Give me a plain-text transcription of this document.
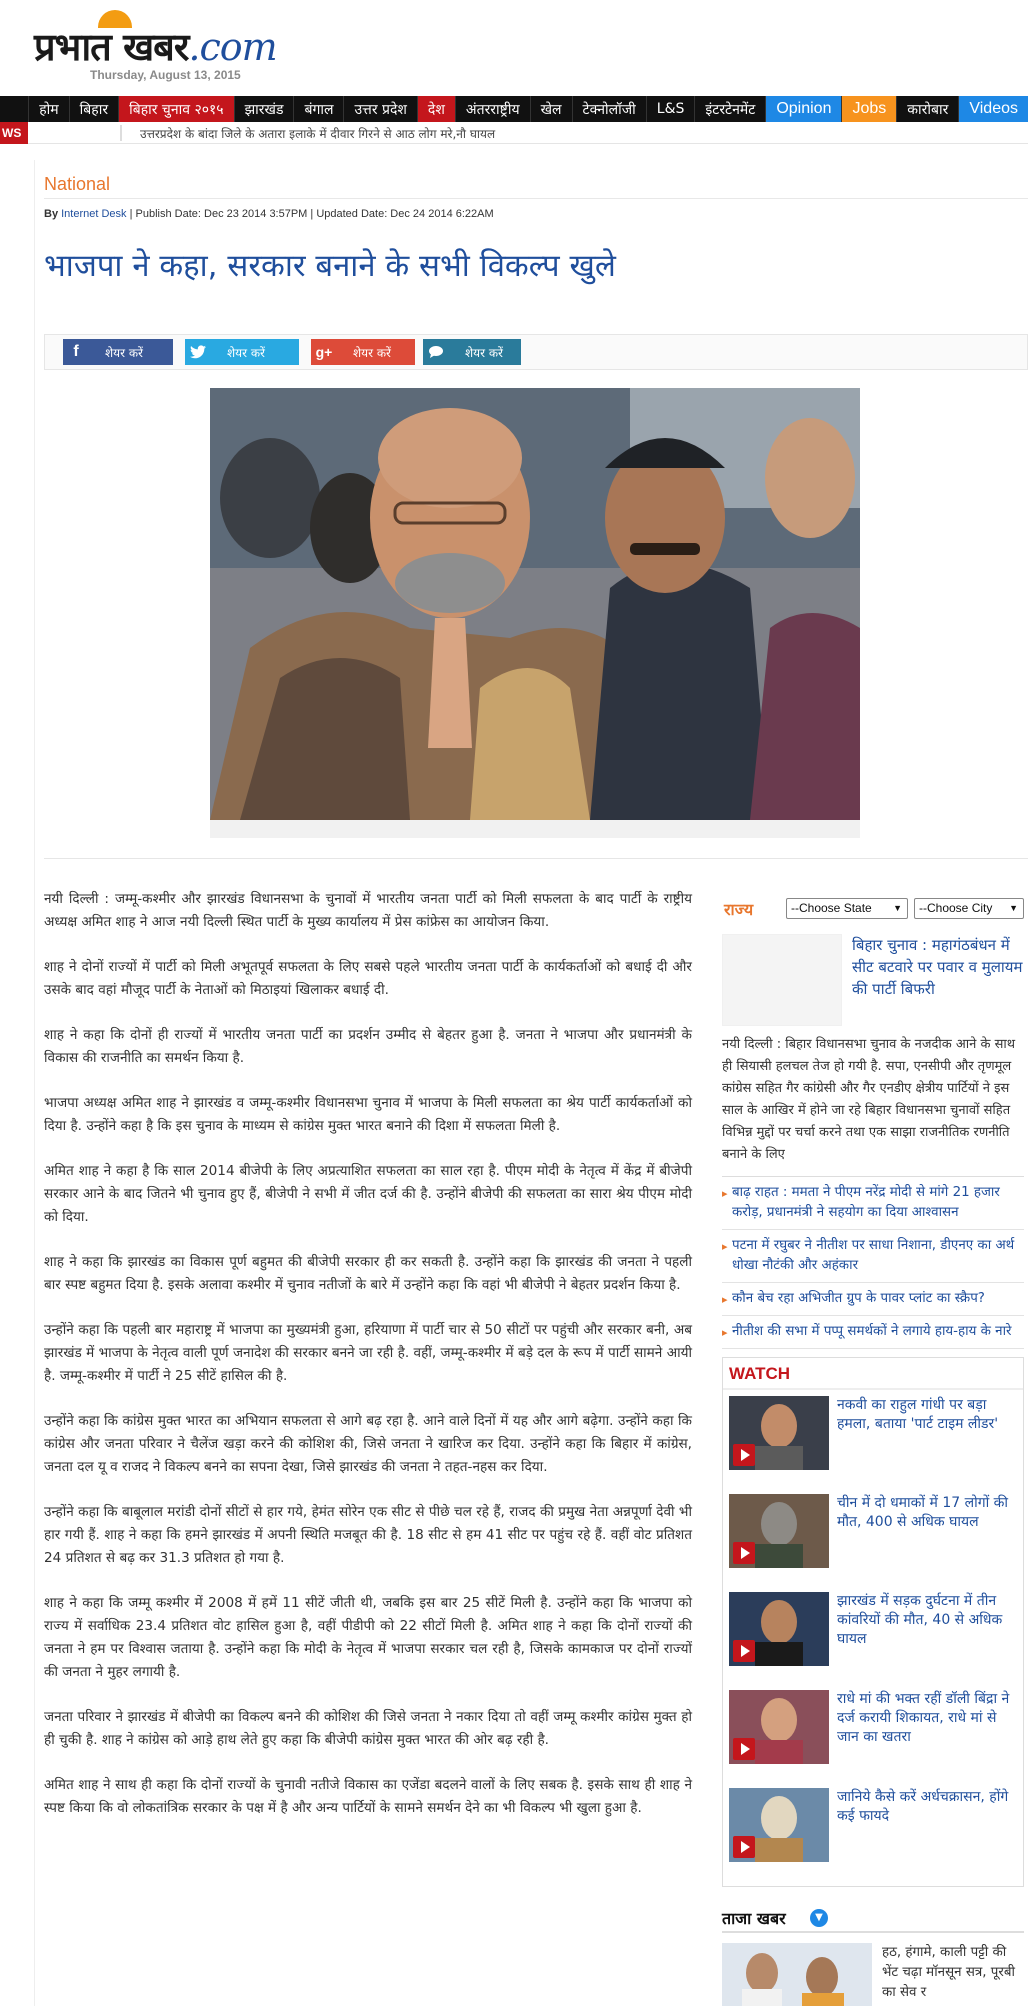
प्रभात खबर.com
Thursday, August 13, 2015
होम	बिहार	बिहार चुनाव २०१५	झारखंड	बंगाल	उत्तर प्रदेश	देश	अंतरराष्ट्रीय	खेल	टेक्नोलॉजी	L&S	इंटरटेनमेंट	Opinion	Jobs	कारोबार	Videos
WS	उत्तरप्रदेश के बांदा जिले के अतारा इलाके में दीवार गिरने से आठ लोग मरे,नौ घायल
National
By Internet Desk | Publish Date: Dec 23 2014 3:57PM | Updated Date: Dec 24 2014 6:22AM
भाजपा ने कहा, सरकार बनाने के सभी विकल्प खुले
f	शेयर करें	शेयर करें	g+	शेयर करें	शेयर करें

नयी दिल्ली : जम्मू-कश्मीर और झारखंड विधानसभा के चुनावों में भारतीय जनता पार्टी को मिली सफलता के बाद पार्टी के राष्ट्रीय अध्यक्ष अमित शाह ने आज नयी दिल्ली स्थित पार्टी के मुख्य कार्यालय में प्रेस कांफ्रेस का आयोजन किया.

शाह ने दोनों राज्यों में पार्टी को मिली अभूतपूर्व सफलता के लिए सबसे पहले भारतीय जनता पार्टी के कार्यकर्ताओं को बधाई दी और उसके बाद वहां मौजूद पार्टी के नेताओं को मिठाइयां खिलाकर बधाई दी.

शाह ने कहा कि दोनों ही राज्यों में भारतीय जनता पार्टी का प्रदर्शन उम्मीद से बेहतर हुआ है. जनता ने भाजपा और प्रधानमंत्री के विकास की राजनीति का समर्थन किया है.

भाजपा अध्यक्ष अमित शाह ने झारखंड व जम्मू-कश्मीर विधानसभा चुनाव में भाजपा के मिली सफलता का श्रेय पार्टी कार्यकर्ताओं को दिया है. उन्होंने कहा है कि इस चुनाव के माध्यम से कांग्रेस मुक्त भारत बनाने की दिशा में सफलता मिली है.

अमित शाह ने कहा है कि साल 2014 बीजेपी के लिए अप्रत्याशित सफलता का साल रहा है. पीएम मोदी के नेतृत्व में केंद्र में बीजेपी सरकार आने के बाद जितने भी चुनाव हुए हैं, बीजेपी ने सभी में जीत दर्ज की है. उन्होंने बीजेपी की सफलता का सारा श्रेय पीएम मोदी को दिया.

शाह ने कहा कि झारखंड का विकास पूर्ण बहुमत की बीजेपी सरकार ही कर सकती है. उन्होंने कहा कि झारखंड की जनता ने पहली बार स्पष्ट बहुमत दिया है. इसके अलावा कश्मीर में चुनाव नतीजों के बारे में उन्होंने कहा कि वहां भी बीजेपी ने बेहतर प्रदर्शन किया है.

उन्होंने कहा कि पहली बार महाराष्ट्र में भाजपा का मुख्यमंत्री हुआ, हरियाणा में पार्टी चार से 50 सीटों पर पहुंची और सरकार बनी, अब झारखंड में भाजपा के नेतृत्व वाली पूर्ण जनादेश की सरकार बनने जा रही है. वहीं, जम्मू-कश्मीर में बड़े दल के रूप में पार्टी सामने आयी है. जम्मू-कश्मीर में पार्टी ने 25 सीटें हासिल की है.

उन्होंने कहा कि कांग्रेस मुक्त भारत का अभियान सफलता से आगे बढ़ रहा है. आने वाले दिनों में यह और आगे बढ़ेगा. उन्होंने कहा कि कांग्रेस और जनता परिवार ने चैलेंज खड़ा करने की कोशिश की, जिसे जनता ने खारिज कर दिया. उन्होंने कहा कि बिहार में कांग्रेस, जनता दल यू व राजद ने विकल्प बनने का सपना देखा, जिसे झारखंड की जनता ने तहत-नहस कर दिया.

उन्होंने कहा कि बाबूलाल मरांडी दोनों सीटों से हार गये, हेमंत सोरेन एक सीट से पीछे चल रहे हैं, राजद की प्रमुख नेता अन्नपूर्णा देवी भी हार गयी हैं. शाह ने कहा कि हमने झारखंड में अपनी स्थिति मजबूत की है. 18 सीट से हम 41 सीट पर पहुंच रहे हैं. वहीं वोट प्रतिशत 24 प्रतिशत से बढ़ कर 31.3 प्रतिशत हो गया है.

शाह ने कहा कि जम्मू कश्मीर में 2008 में हमें 11 सीटें जीती थी, जबकि इस बार 25 सीटें मिली है. उन्होंने कहा कि भाजपा को राज्य में सर्वाधिक 23.4 प्रतिशत वोट हासिल हुआ है, वहीं पीडीपी को 22 सीटों मिली है. अमित शाह ने कहा कि दोनों राज्यों की जनता ने हम पर विश्वास जताया है. उन्होंने कहा कि मोदी के नेतृत्व में भाजपा सरकार चल रही है, जिसके कामकाज पर दोनों राज्यों की जनता ने मुहर लगायी है.

जनता परिवार ने झारखंड में बीजेपी का विकल्प बनने की कोशिश की जिसे जनता ने नकार दिया तो वहीं जम्मू कश्मीर कांग्रेस मुक्त हो ही चुकी है. शाह ने कांग्रेस को आड़े हाथ लेते हुए कहा कि बीजेपी कांग्रेस मुक्त भारत की ओर बढ़ रही है.

अमित शाह ने साथ ही कहा कि दोनों राज्यों के चुनावी नतीजे विकास का एजेंडा बदलने वालों के लिए सबक है. इसके साथ ही शाह ने स्पष्ट किया कि वो लोकतांत्रिक सरकार के पक्ष में है और अन्य पार्टियों के सामने समर्थन देने का भी विकल्प भी खुला हुआ है.

राज्य	--Choose State ▼	--Choose City ▼
बिहार चुनाव : महागंठबंधन में सीट बटवारे पर पवार व मुलायम की पार्टी बिफरी
नयी दिल्ली : बिहार विधानसभा चुनाव के नजदीक आने के साथ ही सियासी हलचल तेज हो गयी है. सपा, एनसीपी और तृणमूल कांग्रेस सहित गैर कांग्रेसी और गैर एनडीए क्षेत्रीय पार्टियों ने इस साल के आखिर में होने जा रहे बिहार विधानसभा चुनावों सहित विभिन्न मुद्दों पर चर्चा करने तथा एक साझा राजनीतिक रणनीति बनाने के लिए
▸ बाढ़ राहत : ममता ने पीएम नरेंद्र मोदी से मांगे 21 हजार करोड़, प्रधानमंत्री ने सहयोग का दिया आश्वासन
▸ पटना में रघुबर ने नीतीश पर साधा निशाना, डीएनए का अर्थ धोखा नौटंकी और अहंकार
▸ कौन बेच रहा अभिजीत ग्रुप के पावर प्लांट का स्क्रैप?
▸ नीतीश की सभा में पप्पू समर्थकों ने लगाये हाय-हाय के नारे
WATCH
नकवी का राहुल गांधी पर बड़ा हमला, बताया 'पार्ट टाइम लीडर'
चीन में दो धमाकों में 17 लोगों की मौत, 400 से अधिक घायल
झारखंड में सड़क दुर्घटना में तीन कांवरियों की मौत, 40 से अधिक घायल
राधे मां की भक्त रहीं डॉली बिंद्रा ने दर्ज करायी शिकायत, राधे मां से जान का खतरा
जानिये कैसे करें अर्धचक्रासन, होंगे कई फायदे
ताजा खबर	▼
हठ, हंगामे, काली पट्टी की भेंट चढ़ा मॉनसून सत्र, पूरबी का सेव र
